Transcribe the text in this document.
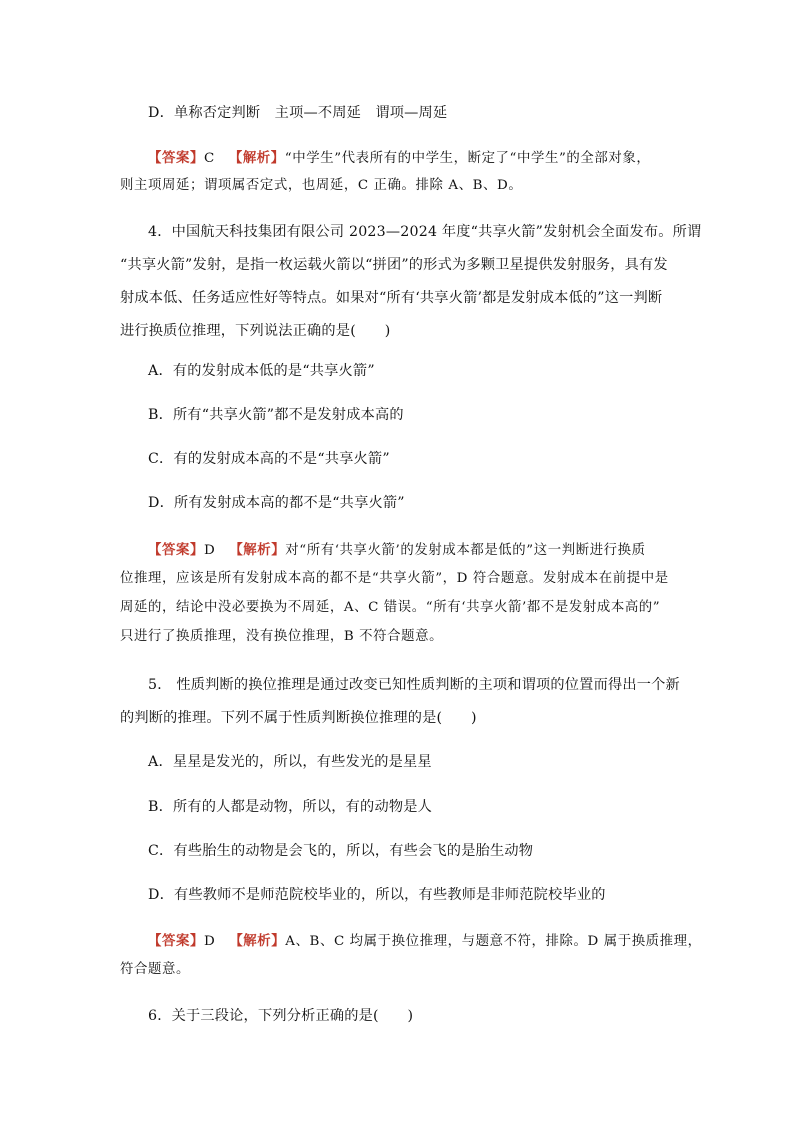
D．单称否定判断　主项—不周延　谓项—周延
【答案】C 【解析】“中学生”代表所有的中学生，断定了“中学生”的全部对象，
则主项周延；谓项属否定式，也周延，C 正确。排除 A、B、D。
4．中国航天科技集团有限公司 2023—2024 年度“共享火箭”发射机会全面发布。所谓
“共享火箭”发射，是指一枚运载火箭以“拼团”的形式为多颗卫星提供发射服务，具有发
射成本低、任务适应性好等特点。如果对“所有‘共享火箭’都是发射成本低的”这一判断
进行换质位推理，下列说法正确的是(　　)
A．有的发射成本低的是“共享火箭”
B．所有“共享火箭”都不是发射成本高的
C．有的发射成本高的不是“共享火箭”
D．所有发射成本高的都不是“共享火箭”
【答案】D 【解析】对“所有‘共享火箭’的发射成本都是低的”这一判断进行换质
位推理，应该是所有发射成本高的都不是“共享火箭”，D 符合题意。发射成本在前提中是
周延的，结论中没必要换为不周延，A、C 错误。“所有‘共享火箭’都不是发射成本高的”
只进行了换质推理，没有换位推理，B 不符合题意。
5． 性质判断的换位推理是通过改变已知性质判断的主项和谓项的位置而得出一个新
的判断的推理。下列不属于性质判断换位推理的是(　　)
A．星星是发光的，所以，有些发光的是星星
B．所有的人都是动物，所以，有的动物是人
C．有些胎生的动物是会飞的，所以，有些会飞的是胎生动物
D．有些教师不是师范院校毕业的，所以，有些教师是非师范院校毕业的
【答案】D 【解析】A、B、C 均属于换位推理，与题意不符，排除。D 属于换质推理，
符合题意。
6．关于三段论，下列分析正确的是(　　)
